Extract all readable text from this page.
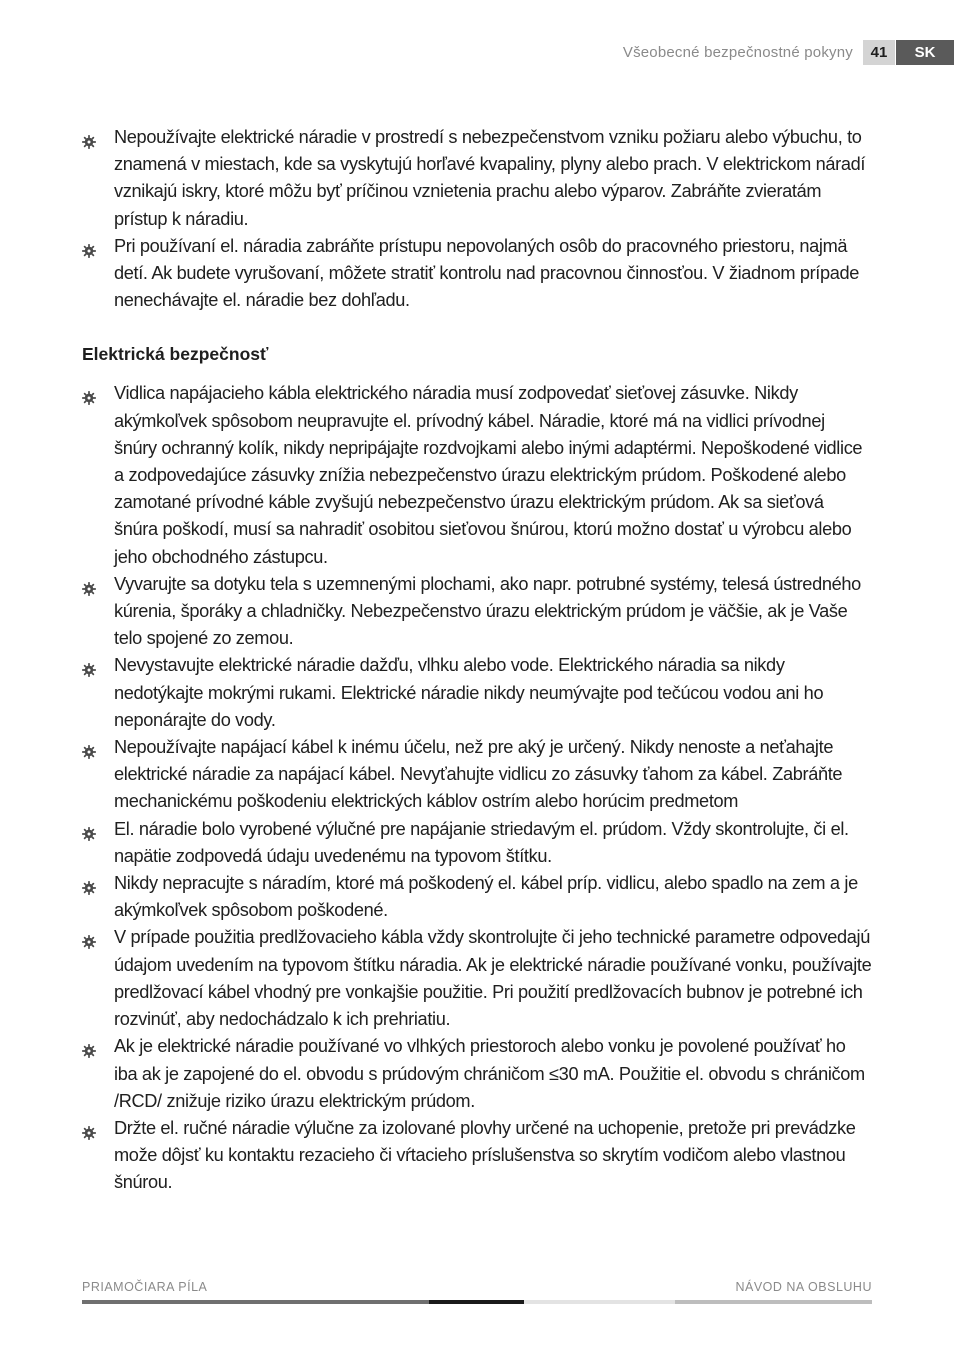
Všeobecné bezpečnostné pokyny	41	SK
Nepoužívajte elektrické náradie v prostredí s nebezpečenstvom vzniku požiaru alebo výbuchu, to znamená v miestach, kde sa vyskytujú horľavé kvapaliny, plyny alebo prach. V elektrickom náradí vznikajú iskry, ktoré môžu byť príčinou vznietenia prachu alebo výparov. Zabráňte zvieratám prístup k náradiu.
Pri používaní el. náradia zabráňte prístupu nepovolaných osôb do pracovného priestoru, najmä detí. Ak budete vyrušovaní, môžete stratiť kontrolu nad pracovnou činnosťou. V žiadnom prípade nenechávajte el. náradie bez dohľadu.
Elektrická bezpečnosť
Vidlica napájacieho kábla elektrického náradia musí zodpovedať sieťovej zásuvke. Nikdy akýmkoľvek spôsobom neupravujte el. prívodný kábel. Náradie, ktoré má na vidlici prívodnej šnúry ochranný kolík, nikdy nepripájajte rozdvojkami alebo inými adaptérmi. Nepoškodené vidlice a zodpovedajúce zásuvky znížia nebezpečenstvo úrazu elektrickým prúdom. Poškodené alebo zamotané prívodné káble zvyšujú nebezpečenstvo úrazu elektrickým prúdom. Ak sa sieťová šnúra poškodí, musí sa nahradiť osobitou sieťovou šnúrou, ktorú možno dostať u výrobcu alebo jeho obchodného zástupcu.
Vyvarujte sa dotyku tela s uzemnenými plochami, ako napr. potrubné systémy, telesá ústredného kúrenia, šporáky a chladničky. Nebezpečenstvo úrazu elektrickým prúdom je väčšie, ak je Vaše telo spojené zo zemou.
Nevystavujte elektrické náradie dažďu, vlhku alebo vode. Elektrického náradia sa nikdy nedotýkajte mokrými rukami. Elektrické náradie nikdy neumývajte pod tečúcou vodou ani ho neponárajte do vody.
Nepoužívajte napájací kábel k inému účelu, než pre aký je určený. Nikdy nenoste a neťahajte elektrické náradie za napájací kábel. Nevyťahujte vidlicu zo zásuvky ťahom za kábel. Zabráňte mechanickému poškodeniu elektrických káblov ostrím alebo horúcim predmetom
El. náradie bolo vyrobené výlučné pre napájanie striedavým el. prúdom. Vždy skontrolujte, či el. napätie zodpovedá údaju uvedenému na typovom štítku.
Nikdy nepracujte s náradím, ktoré má poškodený el. kábel príp. vidlicu, alebo spadlo na zem a je akýmkoľvek spôsobom poškodené.
V prípade použitia predlžovacieho kábla vždy skontrolujte či jeho technické parametre odpovedajú údajom uvedením na typovom štítku náradia. Ak je elektrické náradie používané vonku, používajte predlžovací kábel vhodný pre vonkajšie použitie. Pri použití predlžovacích bubnov je potrebné ich rozvinúť, aby nedochádzalo k ich prehriatiu.
Ak je elektrické náradie používané vo vlhkých priestoroch alebo vonku je povolené používať ho iba ak je zapojené do el. obvodu s prúdovým chráničom ≤30 mA. Použitie el. obvodu s chráničom /RCD/ znižuje riziko úrazu elektrickým prúdom.
Držte el. ručné náradie výlučne za izolované plovhy určené na uchopenie, pretože pri prevádzke može dôjsť ku kontaktu rezacieho či vŕtacieho príslušenstva so skrytím vodičom alebo vlastnou šnúrou.
PRIAMOČIARA PÍLA	NÁVOD NA OBSLUHU
